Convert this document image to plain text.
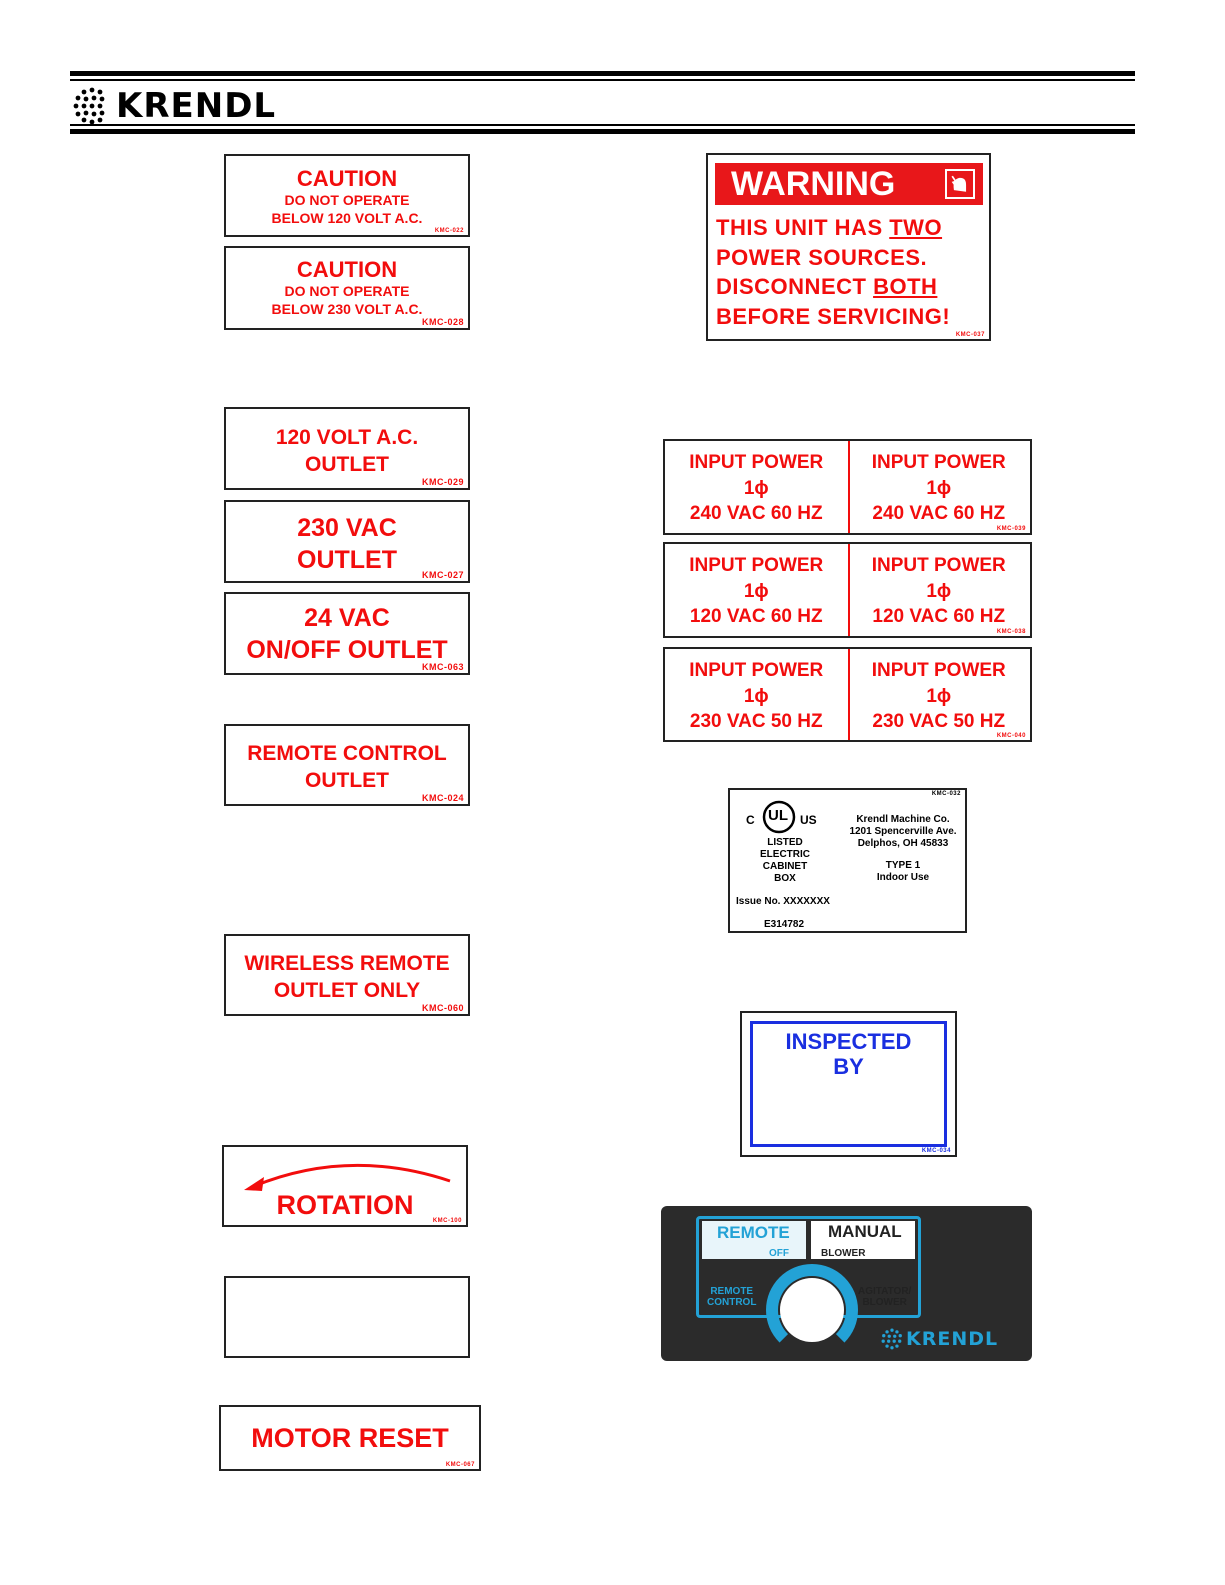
KRENDL
CAUTION
DO NOT OPERATE
BELOW 120 VOLT A.C.
KMC-022
CAUTION
DO NOT OPERATE
BELOW 230 VOLT A.C.
KMC-028
120 VOLT A.C.
OUTLET
KMC-029
230 VAC
OUTLET
KMC-027
24 VAC
ON/OFF OUTLET
KMC-063
REMOTE CONTROL
OUTLET
KMC-024
WIRELESS REMOTE
OUTLET ONLY
KMC-060
ROTATION
KMC-100
MOTOR RESET
KMC-067
WARNING
THIS UNIT HAS TWO
POWER SOURCES.
DISCONNECT BOTH
BEFORE SERVICING!
KMC-037
INPUT POWER
1ϕ
240 VAC 60 HZ
INPUT POWER
1ϕ
240 VAC 60 HZ
KMC-039
INPUT POWER
1ϕ
120 VAC 60 HZ
INPUT POWER
1ϕ
120 VAC 60 HZ
KMC-038
INPUT POWER
1ϕ
230 VAC 50 HZ
INPUT POWER
1ϕ
230 VAC 50 HZ
KMC-040
KMC-032
C UL US
LISTED
ELECTRIC
CABINET
BOX
Issue No. XXXXXXX
E314782
Krendl Machine Co.
1201 Spencerville Ave.
Delphos, OH 45833
TYPE 1
Indoor Use
INSPECTED
BY
KMC-034
REMOTE MANUAL
OFF	BLOWER
REMOTE
CONTROL
AGITATOR/
BLOWER
KRENDL
